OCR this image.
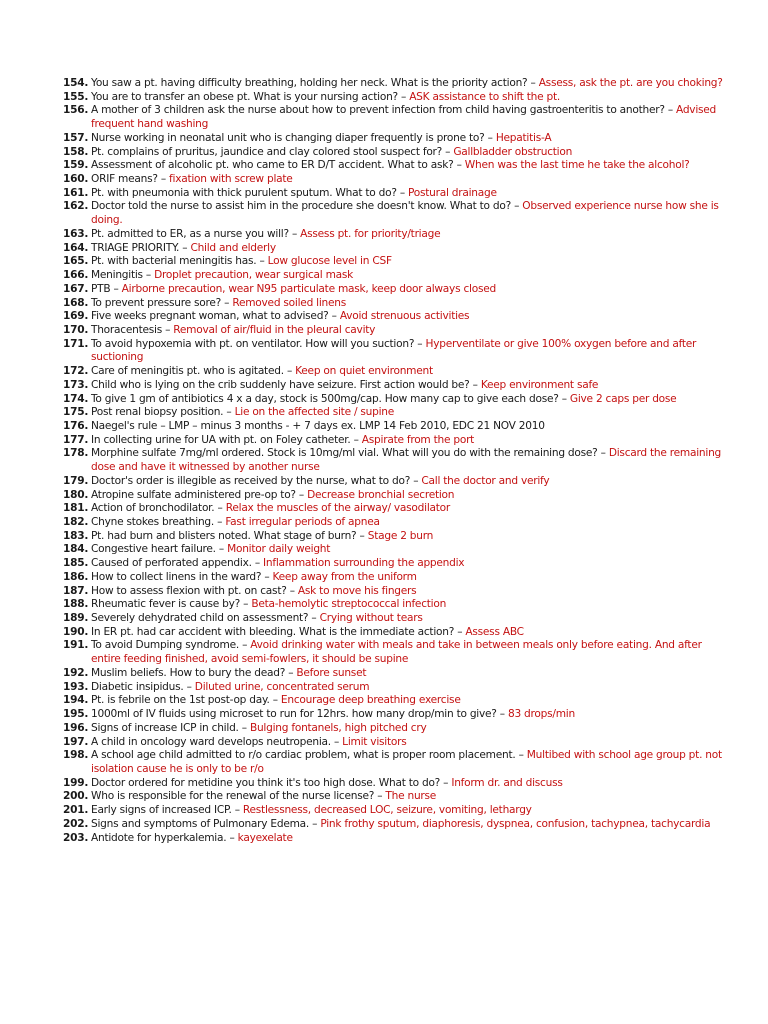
154. You saw a pt. having difficulty breathing, holding her neck. What is the priority action? – Assess, ask the pt. are you choking?
155. You are to transfer an obese pt. What is your nursing action? – ASK assistance to shift the pt.
156. A mother of 3 children ask the nurse about how to prevent infection from child having gastroenteritis to another? – Advised frequent hand washing
157. Nurse working in neonatal unit who is changing diaper frequently is prone to? – Hepatitis-A
158. Pt. complains of pruritus, jaundice and clay colored stool suspect for? – Gallbladder obstruction
159. Assessment of alcoholic pt. who came to ER D/T accident. What to ask? – When was the last time he take the alcohol?
160. ORIF means? – fixation with screw plate
161. Pt. with pneumonia with thick purulent sputum. What to do? – Postural drainage
162. Doctor told the nurse to assist him in the procedure she doesn't know. What to do? – Observed experience nurse how she is doing.
163. Pt. admitted to ER, as a nurse you will? – Assess pt. for priority/triage
164. TRIAGE PRIORITY. – Child and elderly
165. Pt. with bacterial meningitis has. – Low glucose level in CSF
166. Meningitis – Droplet precaution, wear surgical mask
167. PTB – Airborne precaution, wear N95 particulate mask, keep door always closed
168. To prevent pressure sore? – Removed soiled linens
169. Five weeks pregnant woman, what to advised? – Avoid strenuous activities
170. Thoracentesis – Removal of air/fluid in the pleural cavity
171. To avoid hypoxemia with pt. on ventilator. How will you suction? – Hyperventilate or give 100% oxygen before and after suctioning
172. Care of meningitis pt. who is agitated. – Keep on quiet environment
173. Child who is lying on the crib suddenly have seizure. First action would be? – Keep environment safe
174. To give 1 gm of antibiotics 4 x a day, stock is 500mg/cap. How many cap to give each dose? – Give 2 caps per dose
175. Post renal biopsy position. – Lie on the affected site / supine
176. Naegel's rule – LMP – minus 3 months - + 7 days ex. LMP 14 Feb 2010, EDC 21 NOV 2010
177. In collecting urine for UA with pt. on Foley catheter. – Aspirate from the port
178. Morphine sulfate 7mg/ml ordered. Stock is 10mg/ml vial. What will you do with the remaining dose? – Discard the remaining dose and have it witnessed by another nurse
179. Doctor's order is illegible as received by the nurse, what to do? – Call the doctor and verify
180. Atropine sulfate administered pre-op to? – Decrease bronchial secretion
181. Action of bronchodilator. – Relax the muscles of the airway/ vasodilator
182. Chyne stokes breathing. – Fast irregular periods of apnea
183. Pt. had burn and blisters noted. What stage of burn? – Stage 2 burn
184. Congestive heart failure. – Monitor daily weight
185. Caused of perforated appendix. – Inflammation surrounding the appendix
186. How to collect linens in the ward? – Keep away from the uniform
187. How to assess flexion with pt. on cast? – Ask to move his fingers
188. Rheumatic fever is cause by? – Beta-hemolytic streptococcal infection
189. Severely dehydrated child on assessment? – Crying without tears
190. In ER pt. had car accident with bleeding. What is the immediate action? – Assess ABC
191. To avoid Dumping syndrome. – Avoid drinking water with meals and take in between meals only before eating. And after entire feeding finished, avoid semi-fowlers, it should be supine
192. Muslim beliefs. How to bury the dead? – Before sunset
193. Diabetic insipidus. – Diluted urine, concentrated serum
194. Pt. is febrile on the 1st post-op day. – Encourage deep breathing exercise
195. 1000ml of IV fluids using microset to run for 12hrs. how many drop/min to give? – 83 drops/min
196. Signs of increase ICP in child. – Bulging fontanels, high pitched cry
197. A child in oncology ward develops neutropenia. – Limit visitors
198. A school age child admitted to r/o cardiac problem, what is proper room placement. – Multibed with school age group pt. not isolation cause he is only to be r/o
199. Doctor ordered for metidine you think it's too high dose. What to do? – Inform dr. and discuss
200. Who is responsible for the renewal of the nurse license? – The nurse
201. Early signs of increased ICP. – Restlessness, decreased LOC, seizure, vomiting, lethargy
202. Signs and symptoms of Pulmonary Edema. – Pink frothy sputum, diaphoresis, dyspnea, confusion, tachypnea, tachycardia
203. Antidote for hyperkalemia. – kayexelate
